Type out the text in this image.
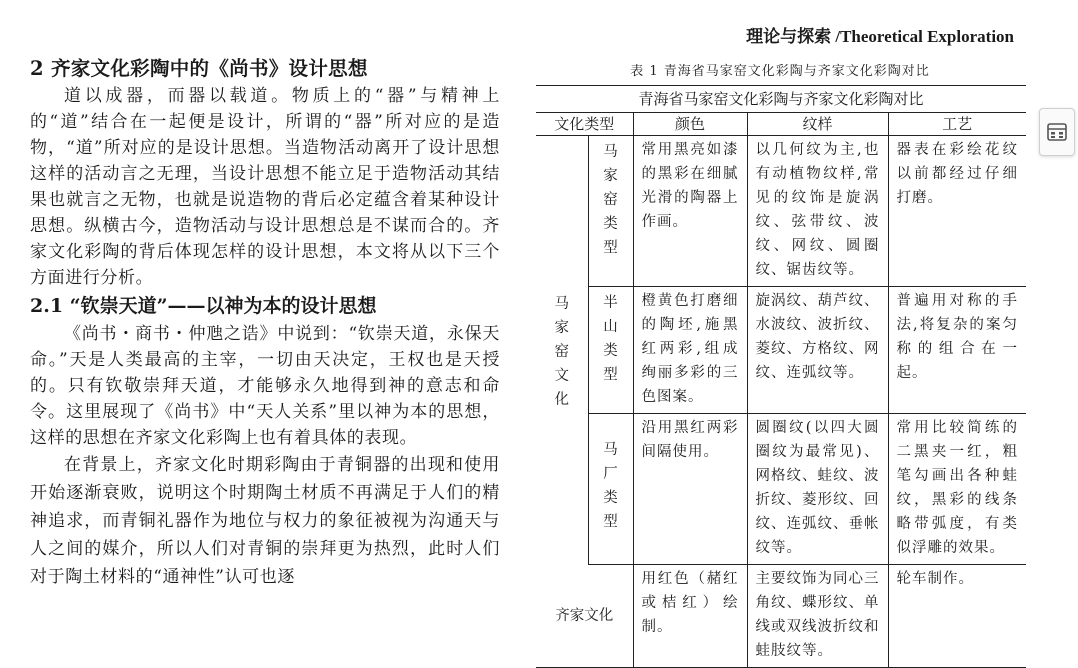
理论与探索 /Theoretical Exploration
2 齐家文化彩陶中的《尚书》设计思想

道以成器，而器以载道。物质上的“器”与精神上的“道”结合在一起便是设计，所谓的“器”所对应的是造物，“道”所对应的是设计思想。当造物活动离开了设计思想这样的活动言之无理，当设计思想不能立足于造物活动其结果也就言之无物，也就是说造物的背后必定蕴含着某种设计思想。纵横古今，造物活动与设计思想总是不谋而合的。齐家文化彩陶的背后体现怎样的设计思想，本文将从以下三个方面进行分析。

2.1 “钦崇天道”——以神为本的设计思想

《尚书・商书・仲虺之诰》中说到：“钦崇天道，永保天命。”天是人类最高的主宰，一切由天决定，王权也是天授的。只有钦敬崇拜天道，才能够永久地得到神的意志和命令。这里展现了《尚书》中“天人关系”里以神为本的思想，这样的思想在齐家文化彩陶上也有着具体的表现。

在背景上，齐家文化时期彩陶由于青铜器的出现和使用开始逐渐衰败，说明这个时期陶土材质不再满足于人们的精神追求，而青铜礼器作为地位与权力的象征被视为沟通天与人之间的媒介，所以人们对青铜的崇拜更为热烈，此时人们对于陶土材料的“通神性”认可也逐

表 1 青海省马家窑文化彩陶与齐家文化彩陶对比
青海省马家窑文化彩陶与齐家文化彩陶对比				
文化类型		颜色	纹样	工艺

马家窑文化	马家窑类型	常用黑亮如漆的黑彩在细腻光滑的陶器上作画。	以几何纹为主,也有动植物纹样,常见的纹饰是旋涡纹、弦带纹、波纹、网纹、圆圈纹、锯齿纹等。	器表在彩绘花纹以前都经过仔细打磨。

	半山类型	橙黄色打磨细的陶坯,施黑红两彩,组成绚丽多彩的三色图案。	旋涡纹、葫芦纹、水波纹、波折纹、菱纹、方格纹、网纹、连弧纹等。	普遍用对称的手法,将复杂的案匀称的组合在一起。

	马厂类型	沿用黑红两彩间隔使用。	圆圈纹(以四大圆圈纹为最常见)、网格纹、蛙纹、波折纹、菱形纹、回纹、连弧纹、垂帐纹等。	常用比较简练的二黑夹一红，粗笔勾画出各种蛙纹，黑彩的线条略带弧度，有类似浮雕的效果。
齐家文化		用红色（赭红或桔红）绘制。	主要纹饰为同心三角纹、蝶形纹、单线或双线波折纹和蛙肢纹等。	轮车制作。
